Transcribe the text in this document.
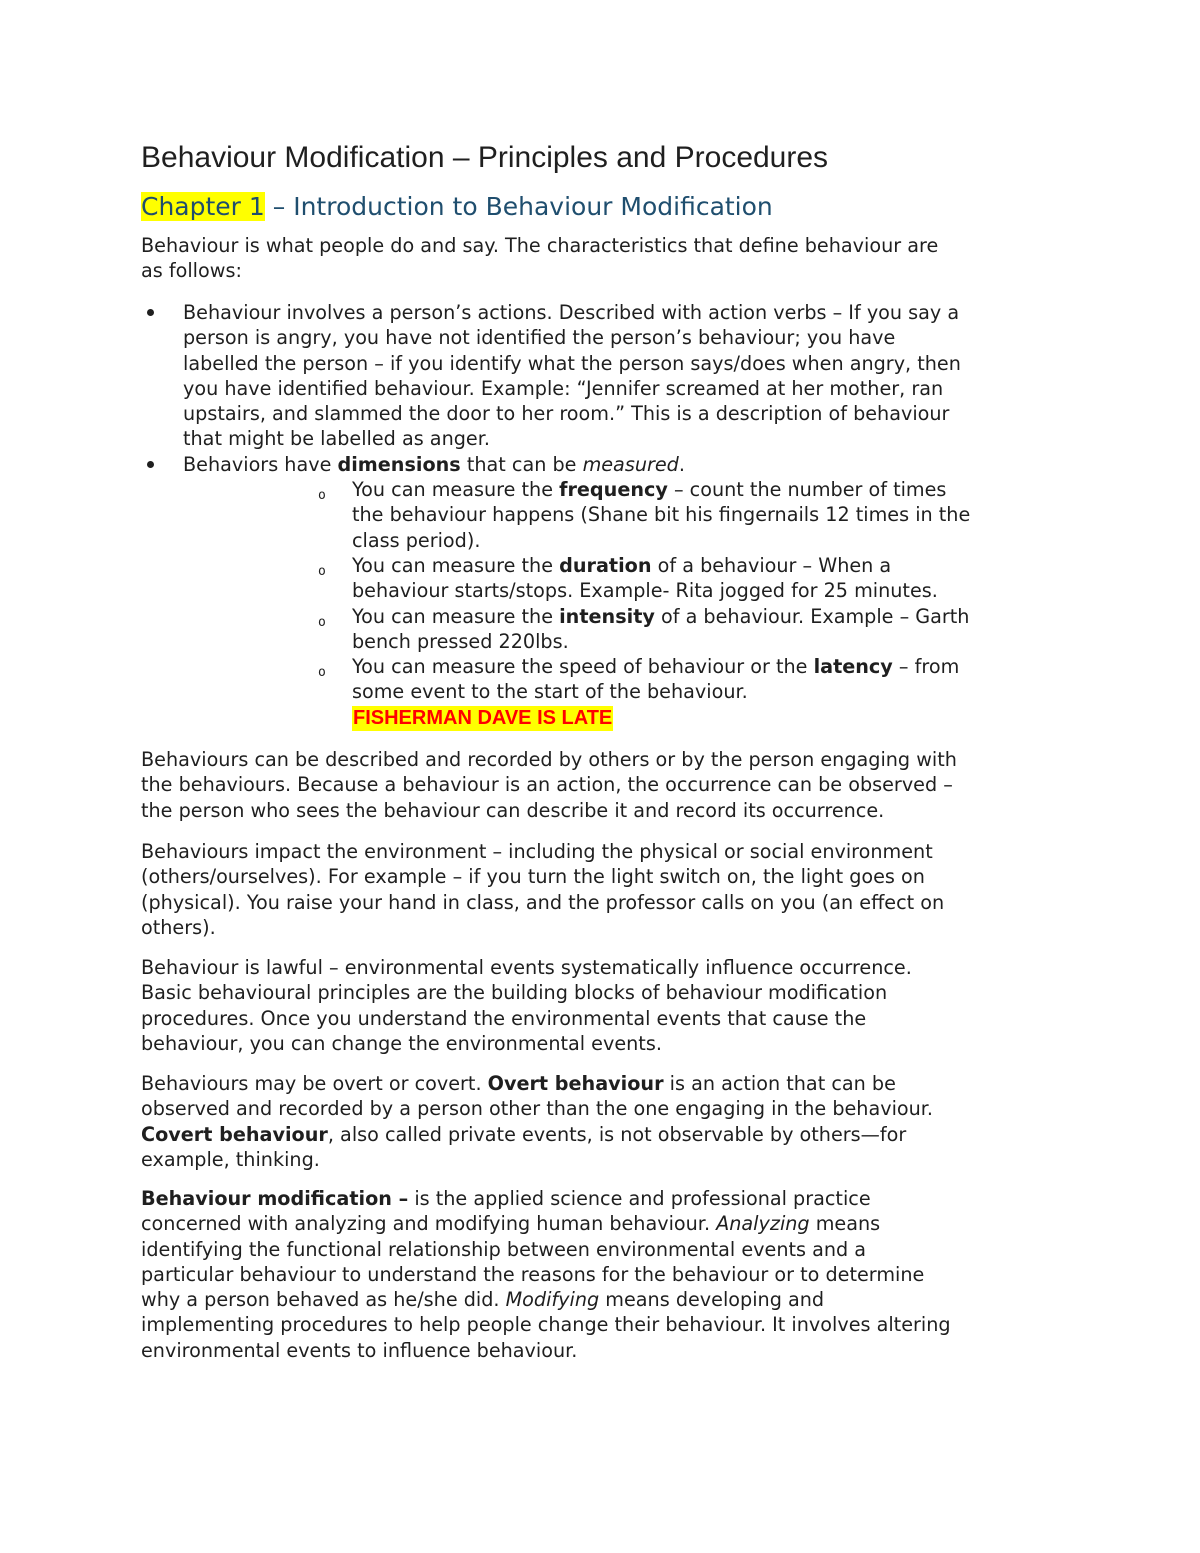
Behaviour Modification – Principles and Procedures
Chapter 1 – Introduction to Behaviour Modification

Behaviour is what people do and say. The characteristics that define behaviour are
as follows:

Behaviour involves a person’s actions. Described with action verbs – If you say a
person is angry, you have not identified the person’s behaviour; you have
labelled the person – if you identify what the person says/does when angry, then
you have identified behaviour. Example: “Jennifer screamed at her mother, ran
upstairs, and slammed the door to her room.” This is a description of behaviour
that might be labelled as anger.
Behaviors have dimensions that can be measured.
o You can measure the frequency – count the number of times
the behaviour happens (Shane bit his fingernails 12 times in the
class period).
o You can measure the duration of a behaviour – When a
behaviour starts/stops. Example- Rita jogged for 25 minutes.
o You can measure the intensity of a behaviour. Example – Garth
bench pressed 220lbs.
o You can measure the speed of behaviour or the latency – from
some event to the start of the behaviour.
FISHERMAN DAVE IS LATE

Behaviours can be described and recorded by others or by the person engaging with
the behaviours. Because a behaviour is an action, the occurrence can be observed –
the person who sees the behaviour can describe it and record its occurrence.

Behaviours impact the environment – including the physical or social environment
(others/ourselves). For example – if you turn the light switch on, the light goes on
(physical). You raise your hand in class, and the professor calls on you (an effect on
others).

Behaviour is lawful – environmental events systematically influence occurrence.
Basic behavioural principles are the building blocks of behaviour modification
procedures. Once you understand the environmental events that cause the
behaviour, you can change the environmental events.

Behaviours may be overt or covert. Overt behaviour is an action that can be
observed and recorded by a person other than the one engaging in the behaviour.
Covert behaviour, also called private events, is not observable by others—for
example, thinking.

Behaviour modification – is the applied science and professional practice
concerned with analyzing and modifying human behaviour. Analyzing means
identifying the functional relationship between environmental events and a
particular behaviour to understand the reasons for the behaviour or to determine
why a person behaved as he/she did. Modifying means developing and
implementing procedures to help people change their behaviour. It involves altering
environmental events to influence behaviour.
